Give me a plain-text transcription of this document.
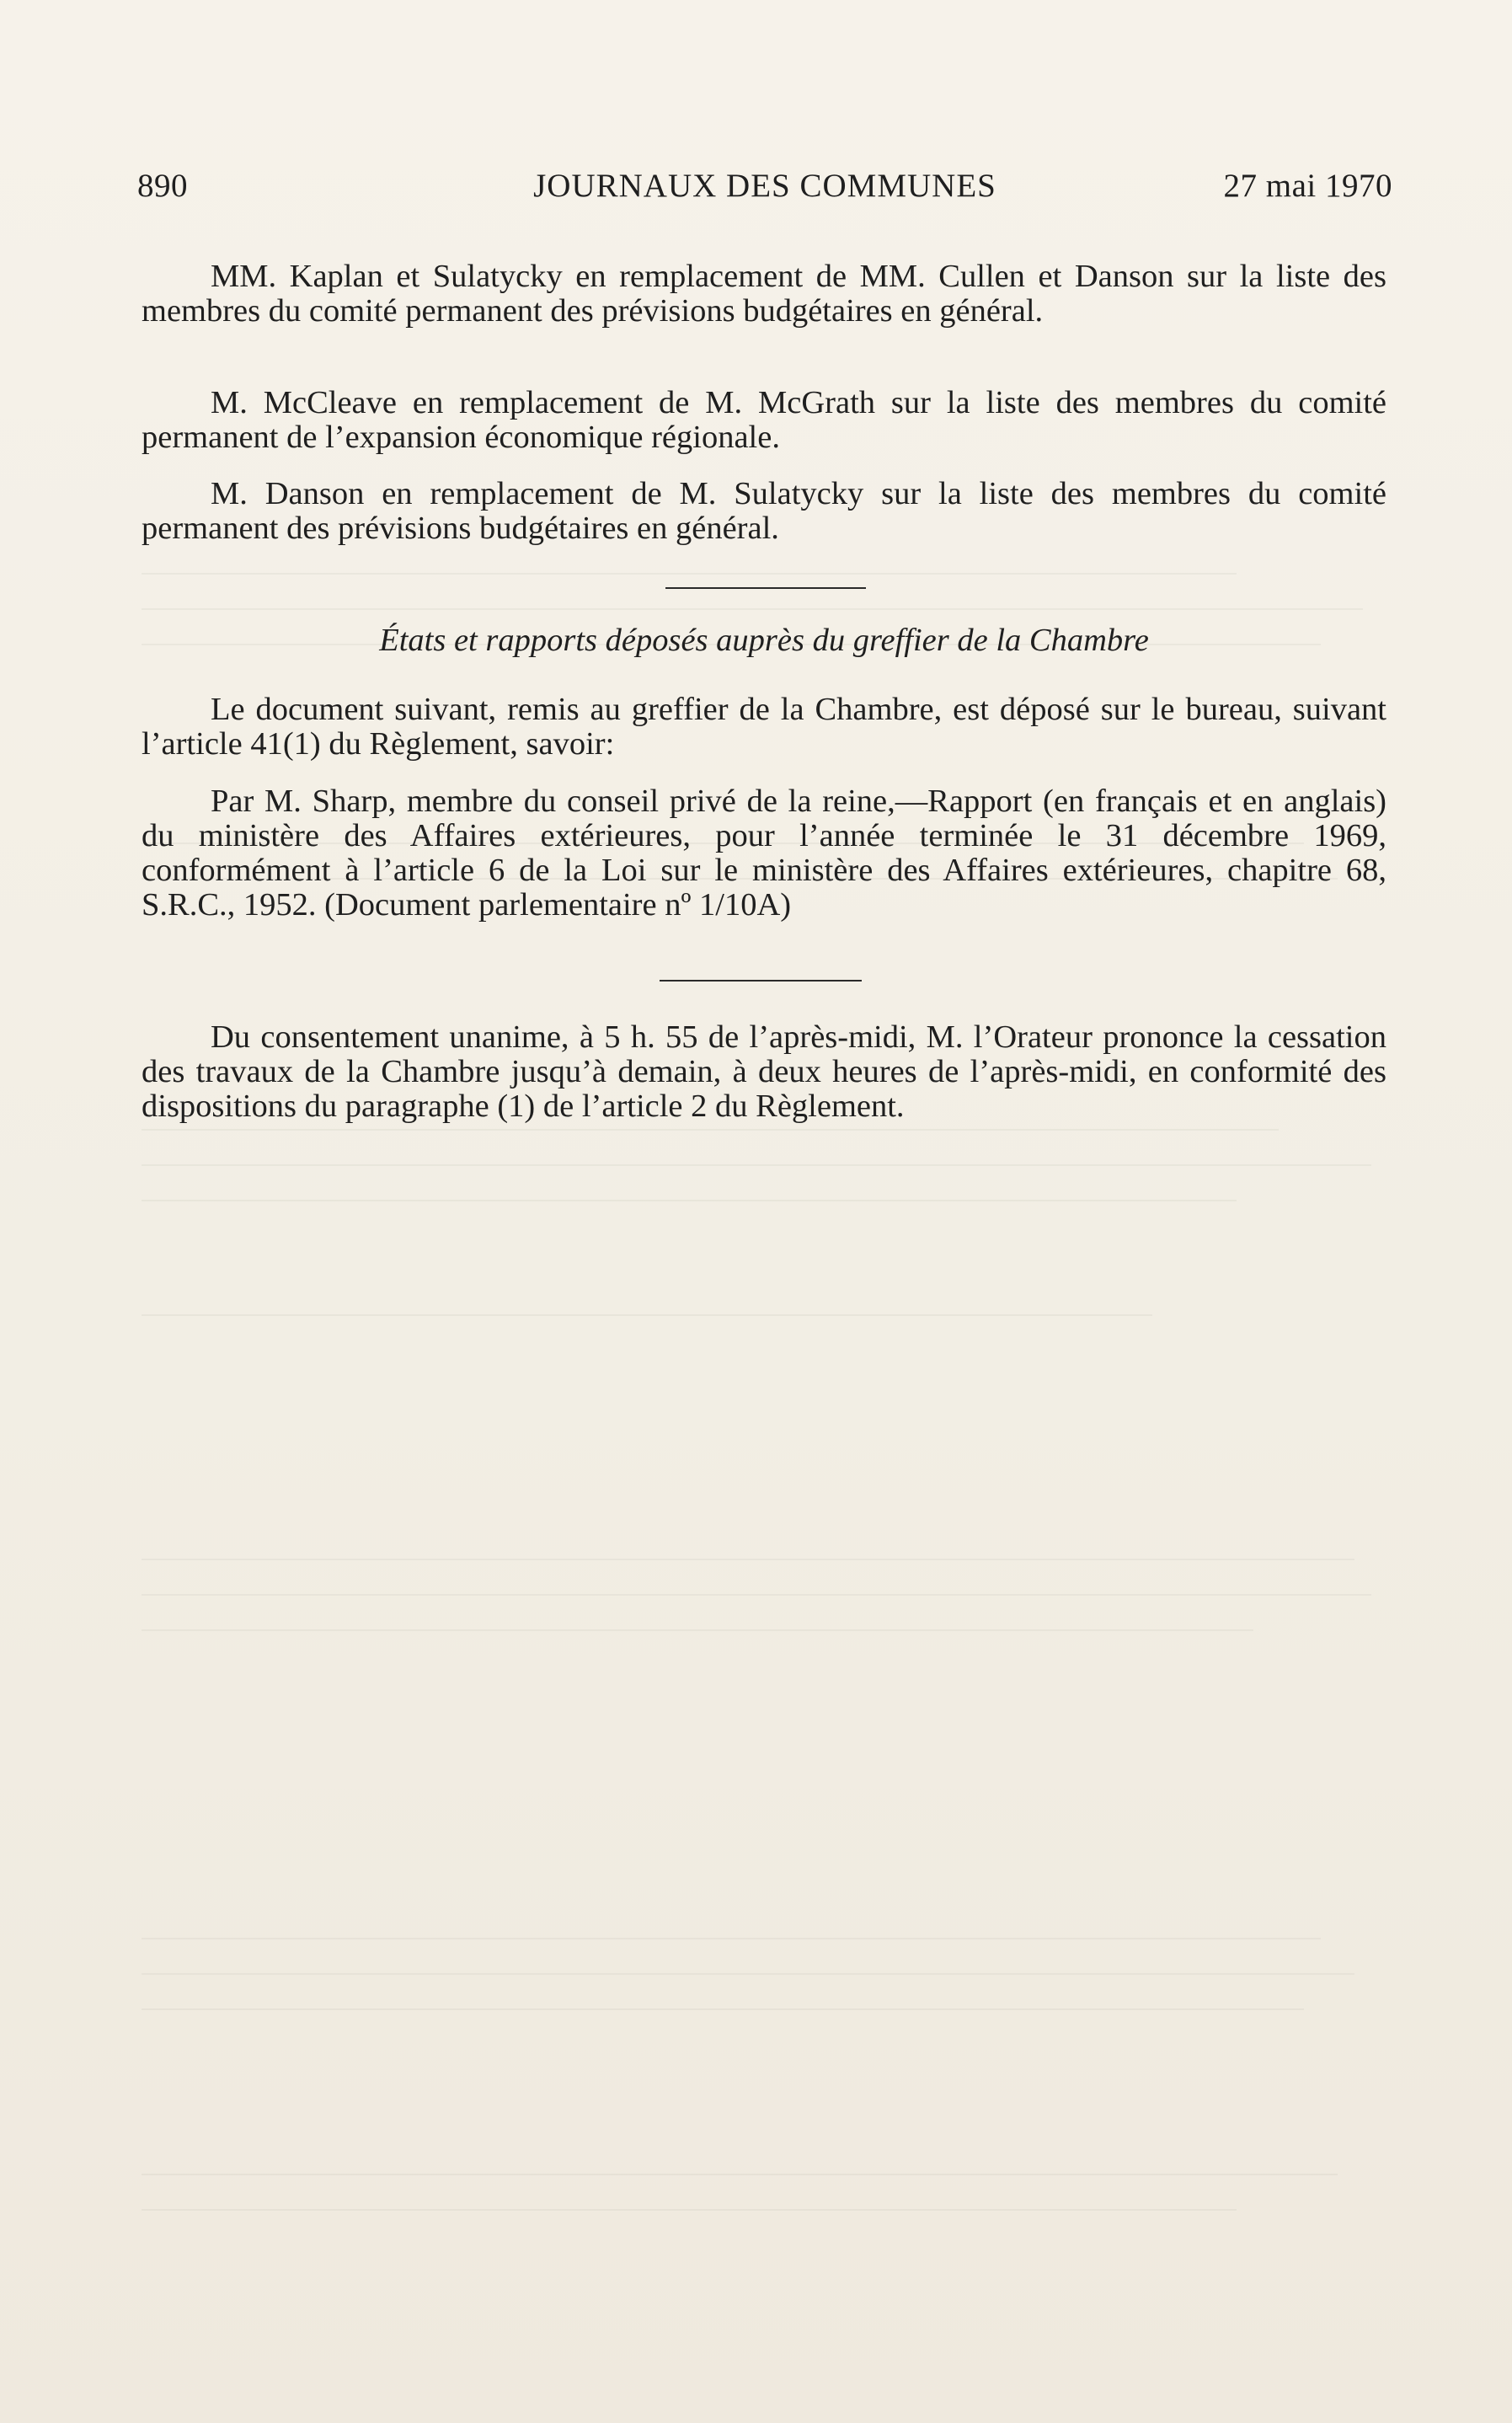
890	JOURNAUX DES COMMUNES	27 mai 1970

MM. Kaplan et Sulatycky en remplacement de MM. Cullen et Danson sur la liste des membres du comité permanent des prévisions budgétaires en général.

M. McCleave en remplacement de M. McGrath sur la liste des membres du comité permanent de l’expansion économique régionale.

M. Danson en remplacement de M. Sulatycky sur la liste des membres du comité permanent des prévisions budgétaires en général.

États et rapports déposés auprès du greffier de la Chambre

Le document suivant, remis au greffier de la Chambre, est déposé sur le bureau, suivant l’article 41(1) du Règlement, savoir:

Par M. Sharp, membre du conseil privé de la reine,—Rapport (en français et en anglais) du ministère des Affaires extérieures, pour l’année terminée le 31 décembre 1969, conformément à l’article 6 de la Loi sur le ministère des Affaires extérieures, chapitre 68, S.R.C., 1952. (Document parlementaire nº 1/10A)

Du consentement unanime, à 5 h. 55 de l’après-midi, M. l’Orateur prononce la cessation des travaux de la Chambre jusqu’à demain, à deux heures de l’après-midi, en conformité des dispositions du paragraphe (1) de l’article 2 du Règlement.
